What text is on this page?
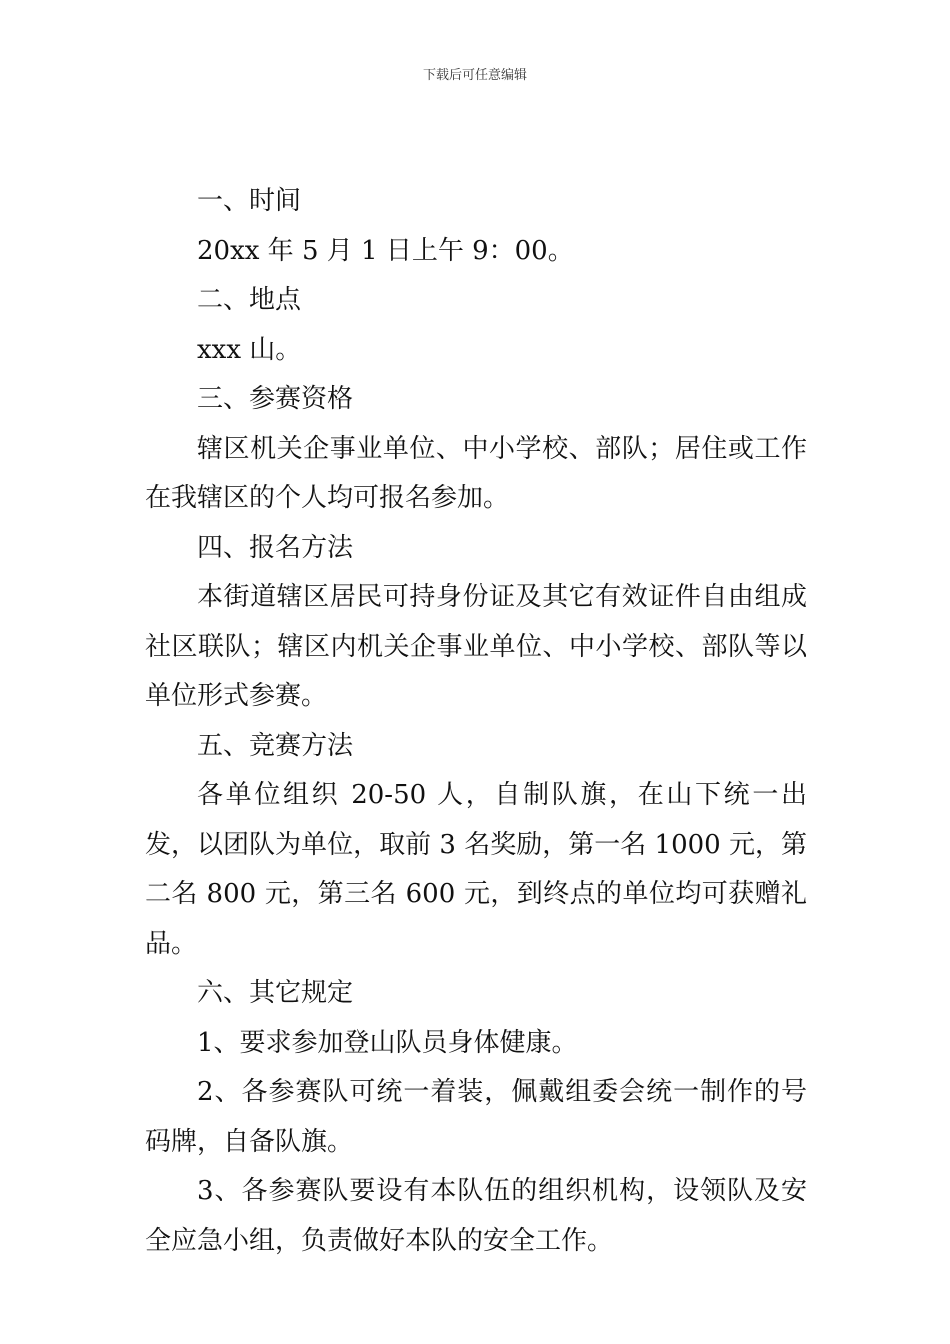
下载后可任意编辑

一、时间

20xx 年 5 月 1 日上午 9：00。

二、地点

xxx 山。

三、参赛资格

辖区机关企事业单位、中小学校、部队；居住或工作在我辖区的个人均可报名参加。

四、报名方法

本街道辖区居民可持身份证及其它有效证件自由组成社区联队；辖区内机关企事业单位、中小学校、部队等以单位形式参赛。

五、竞赛方法

各单位组织 20-50 人，自制队旗，在山下统一出发，以团队为单位，取前 3 名奖励，第一名 1000 元，第二名 800 元，第三名 600 元，到终点的单位均可获赠礼品。

六、其它规定

1、要求参加登山队员身体健康。

2、各参赛队可统一着装，佩戴组委会统一制作的号码牌，自备队旗。

3、各参赛队要设有本队伍的组织机构，设领队及安全应急小组，负责做好本队的安全工作。
